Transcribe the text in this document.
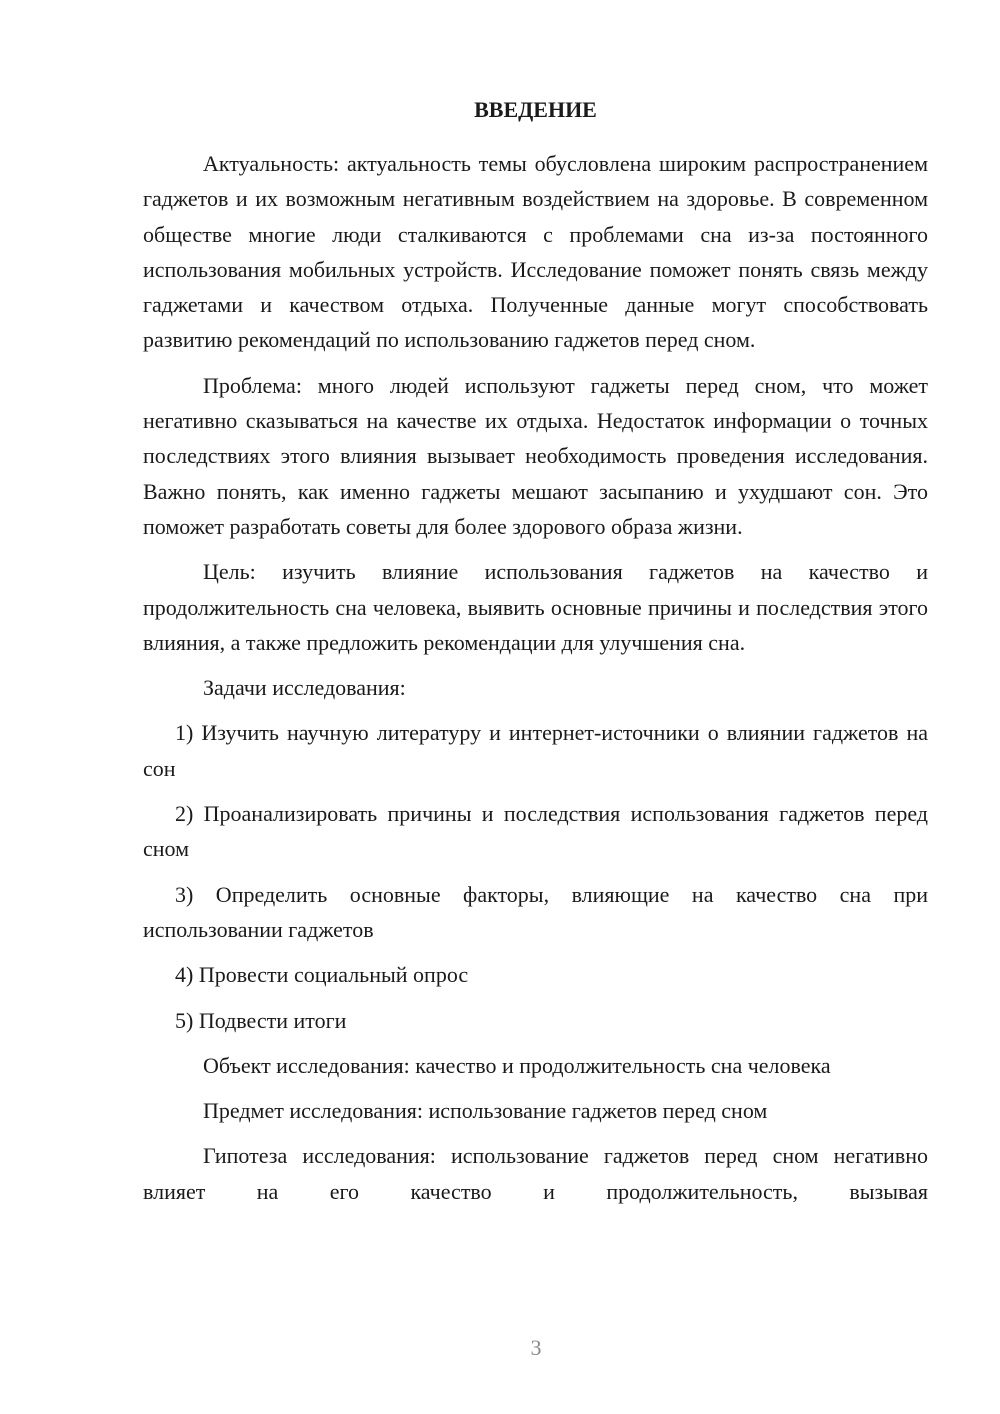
ВВЕДЕНИЕ

Актуальность: актуальность темы обусловлена широким распространением гаджетов и их возможным негативным воздействием на здоровье. В современном обществе многие люди сталкиваются с проблемами сна из-за постоянного использования мобильных устройств. Исследование поможет понять связь между гаджетами и качеством отдыха. Полученные данные могут способствовать развитию рекомендаций по использованию гаджетов перед сном.

Проблема: много людей используют гаджеты перед сном, что может негативно сказываться на качестве их отдыха. Недостаток информации о точных последствиях этого влияния вызывает необходимость проведения исследования. Важно понять, как именно гаджеты мешают засыпанию и ухудшают сон. Это поможет разработать советы для более здорового образа жизни.

Цель: изучить влияние использования гаджетов на качество и продолжительность сна человека, выявить основные причины и последствия этого влияния, а также предложить рекомендации для улучшения сна.

Задачи исследования:

1) Изучить научную литературу и интернет-источники о влиянии гаджетов на сон

2) Проанализировать причины и последствия использования гаджетов перед сном

3) Определить основные факторы, влияющие на качество сна при использовании гаджетов

4) Провести социальный опрос

5) Подвести итоги

Объект исследования: качество и продолжительность сна человека

Предмет исследования: использование гаджетов перед сном

Гипотеза исследования: использование гаджетов перед сном негативно влияет на его качество и продолжительность, вызывая

3
